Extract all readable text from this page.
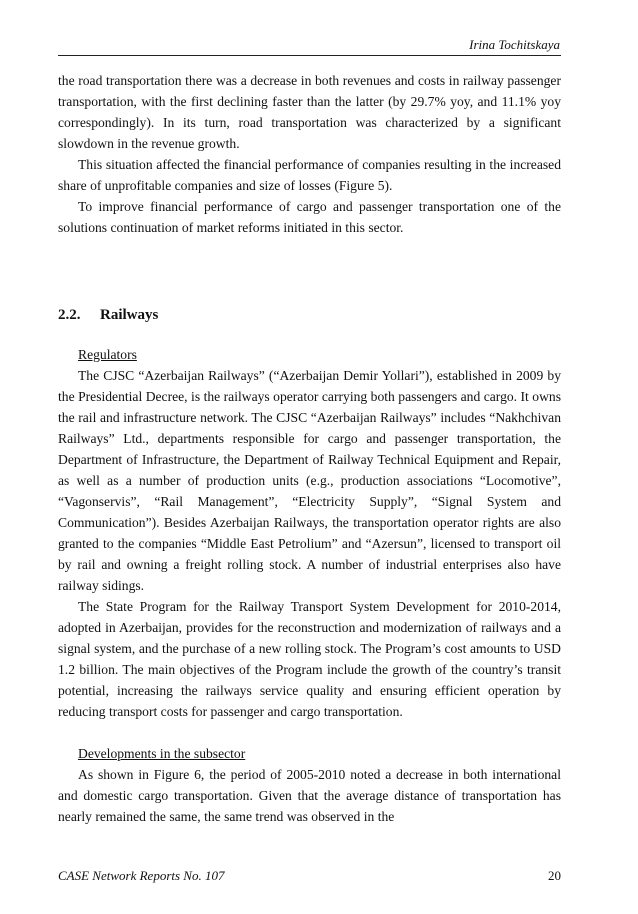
Irina Tochitskaya

the road transportation there was a decrease in both revenues and costs in railway passenger transportation, with the first declining faster than the latter (by 29.7% yoy, and 11.1% yoy correspondingly). In its turn, road transportation was characterized by a significant slowdown in the revenue growth.

This situation affected the financial performance of companies resulting in the increased share of unprofitable companies and size of losses (Figure 5).

To improve financial performance of cargo and passenger transportation one of the solutions continuation of market reforms initiated in this sector.

2.2.	Railways
Regulators

The CJSC “Azerbaijan Railways” (“Azerbaijan Demir Yollari”), established in 2009 by the Presidential Decree, is the railways operator carrying both passengers and cargo. It owns the rail and infrastructure network. The CJSC “Azerbaijan Railways” includes “Nakhchivan Railways” Ltd., departments responsible for cargo and passenger transportation, the Department of Infrastructure, the Department of Railway Technical Equipment and Repair, as well as a number of production units (e.g., production associations “Locomotive”, “Vagonservis”, “Rail Management”, “Electricity Supply”, “Signal System and Communication”). Besides Azerbaijan Railways, the transportation operator rights are also granted to the companies “Middle East Petrolium” and “Azersun”, licensed to transport oil by rail and owning a freight rolling stock. A number of industrial enterprises also have railway sidings.

The State Program for the Railway Transport System Development for 2010-2014, adopted in Azerbaijan, provides for the reconstruction and modernization of railways and a signal system, and the purchase of a new rolling stock. The Program’s cost amounts to USD 1.2 billion. The main objectives of the Program include the growth of the country’s transit potential, increasing the railways service quality and ensuring efficient operation by reducing transport costs for passenger and cargo transportation.

Developments in the subsector

As shown in Figure 6, the period of 2005-2010 noted a decrease in both international and domestic cargo transportation. Given that the average distance of transportation has nearly remained the same, the same trend was observed in the

CASE Network Reports No. 107	20
